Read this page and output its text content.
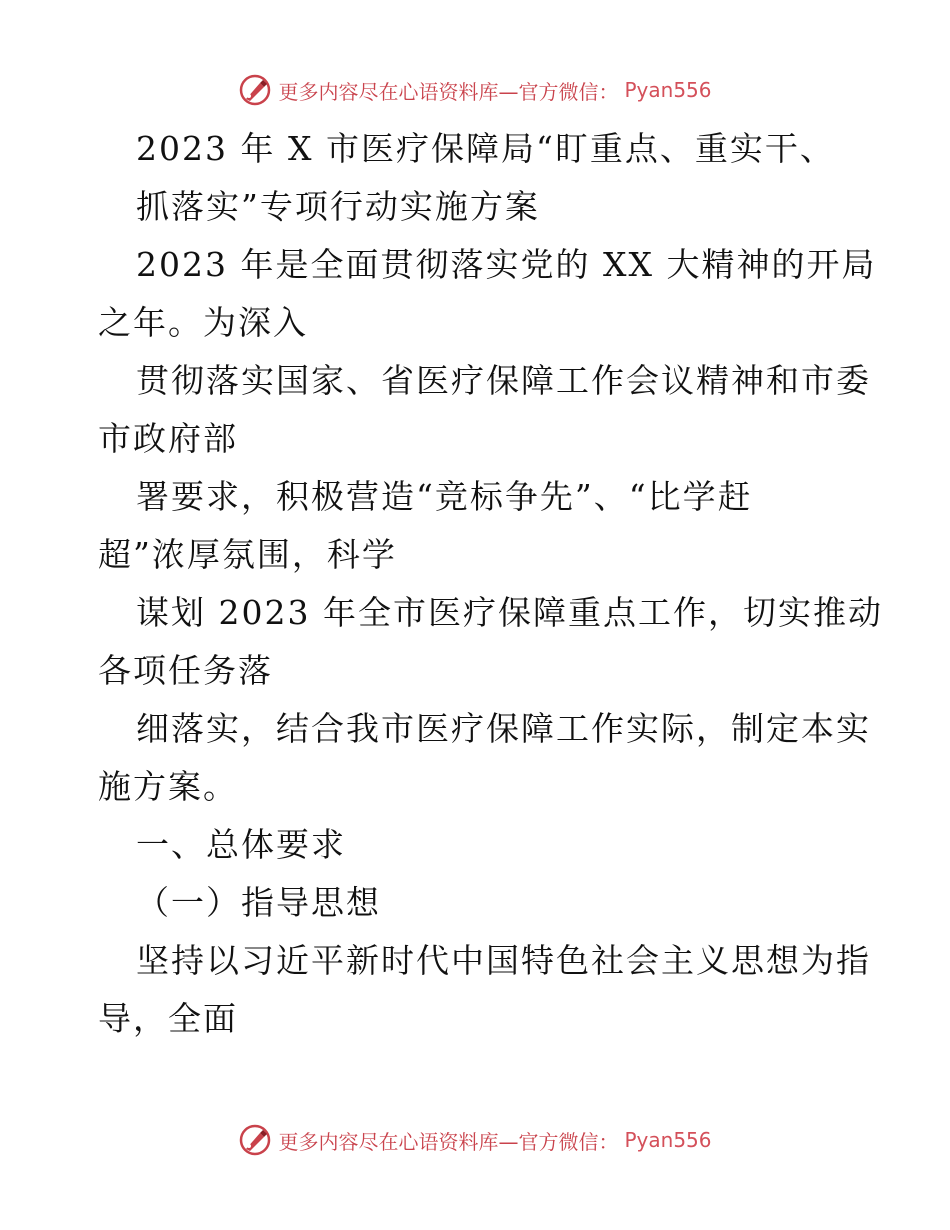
更多内容尽在心语资料库—官方微信： Pyan556
2023 年 X 市医疗保障局“盯重点、重实干、
抓落实”专项行动实施方案
2023 年是全面贯彻落实党的 XX 大精神的开局
之年。为深入
贯彻落实国家、省医疗保障工作会议精神和市委
市政府部
署要求，积极营造“竞标争先”、“比学赶
超”浓厚氛围，科学
谋划 2023 年全市医疗保障重点工作，切实推动
各项任务落
细落实，结合我市医疗保障工作实际，制定本实
施方案。
一、总体要求
（一）指导思想
坚持以习近平新时代中国特色社会主义思想为指
导，全面
更多内容尽在心语资料库—官方微信： Pyan556
